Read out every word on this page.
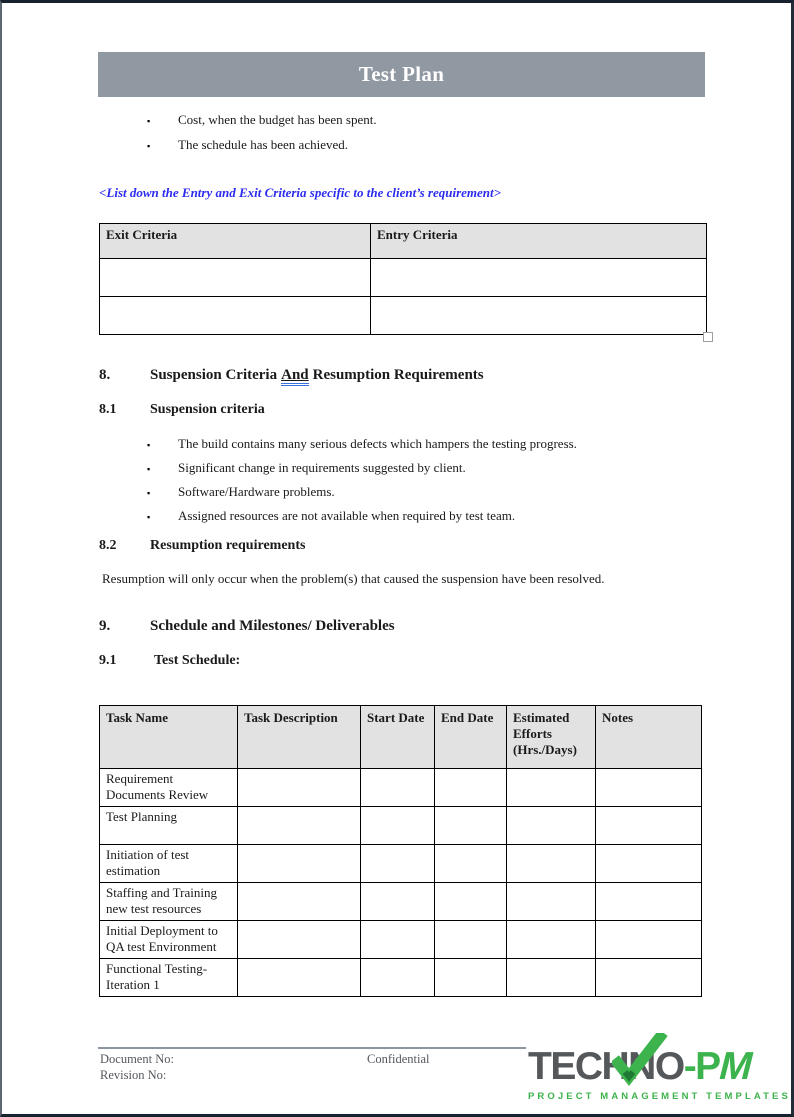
Test Plan
▪ Cost, when the budget has been spent.
▪ The schedule has been achieved.
<List down the Entry and Exit Criteria specific to the client’s requirement>
Exit Criteria	Entry Criteria

8.	Suspension Criteria And Resumption Requirements
8.1 Suspension criteria
▪ The build contains many serious defects which hampers the testing progress.
▪ Significant change in requirements suggested by client.
▪ Software/Hardware problems.
▪ Assigned resources are not available when required by test team.
8.2 Resumption requirements
Resumption will only occur when the problem(s) that caused the suspension have been resolved.
9.	Schedule and Milestones/ Deliverables
9.1	Test Schedule:
Task Name	Task Description	Start Date	End Date	Estimated Efforts (Hrs./Days)	Notes
Requirement Documents Review					
Test Planning					
Initiation of test estimation					
Staffing and Training new test resources					
Initial Deployment to QA test Environment					
Functional Testing- Iteration 1					
Document No:
Revision No:
Confidential	TECH N O -P
M
PROJECT MANAGEMENT TEMPLATES
